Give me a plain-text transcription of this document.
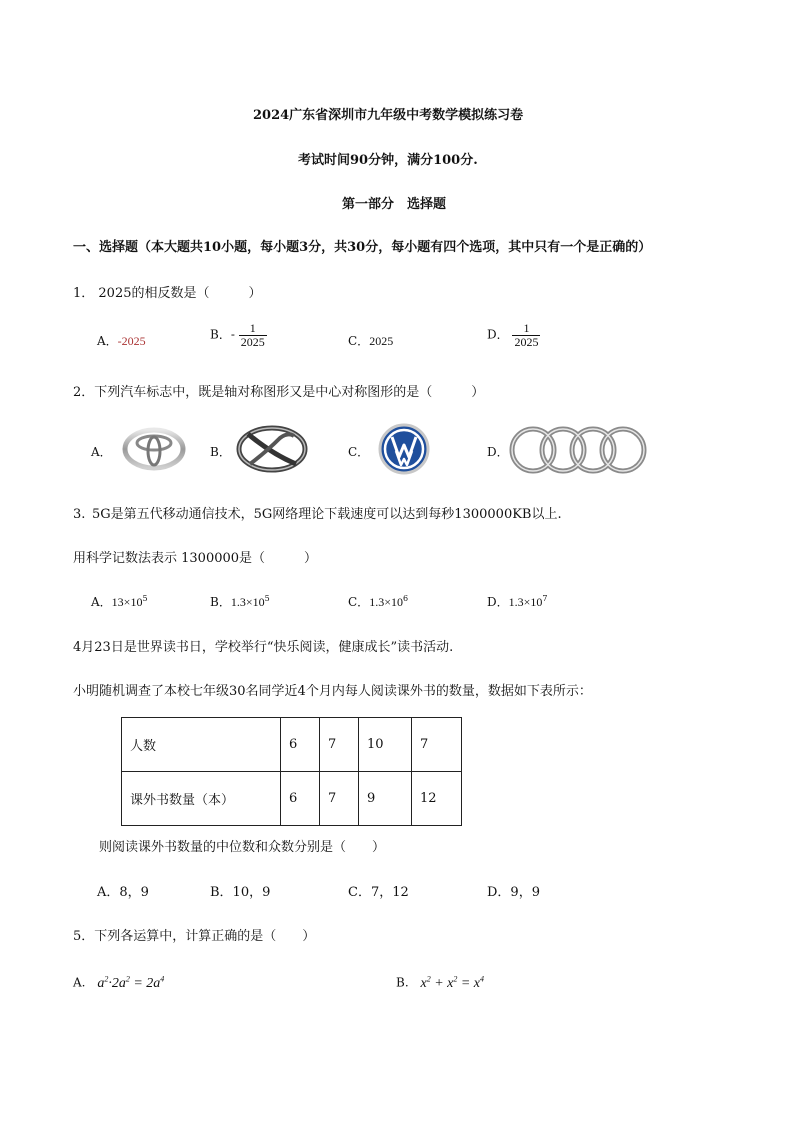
2024广东省深圳市九年级中考数学模拟练习卷
考试时间90分钟，满分100分.
第一部分　选择题
一、选择题（本大题共10小题，每小题3分，共30分，每小题有四个选项，其中只有一个是正确的）
1． 2025的相反数是（　　　）
A．-2025	B．- $\frac{1}{2025}$	C．2025	D． $\frac{1}{2025}$
2．下列汽车标志中，既是轴对称图形又是中心对称图形的是（　　　）
A．	B．	C．	D．
3. 5G是第五代移动通信技术，5G网络理论下载速度可以达到每秒1300000KB以上.
用科学记数法表示 1300000是（　　　）
A．$13\times 10^5$	B．$1.3\times 10^5$	C．$1.3\times 10^6$	D．$1.3\times 10^7$
4月23日是世界读书日，学校举行“快乐阅读，健康成长”读书活动.
小明随机调查了本校七年级30名同学近4个月内每人阅读课外书的数量，数据如下表所示：
人数	6	7	10	7
课外书数量（本）	6	7	9	12
则阅读课外书数量的中位数和众数分别是（　　）
A．8，9	B．10，9	C．7，12	D．9，9
5．下列各运算中，计算正确的是（　　）
A. $a^2\cdot 2a^2 = 2a^4$	B. $x^2 + x^2 = x^4$
